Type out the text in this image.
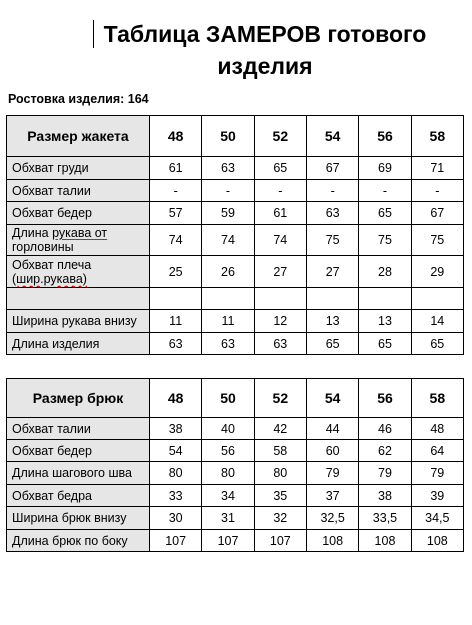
Таблица ЗАМЕРОВ готового
изделия
Ростовка изделия: 164
Размер жакета	48	50	52	54	56	58
Обхват груди	61	63	65	67	69	71
Обхват талии	-	-	-	-	-	-
Обхват бедер	57	59	61	63	65	67
Длина рукава от
горловины	74	74	74	75	75	75
Обхват плеча
(шир.рукава)	25	26	27	27	28	29

Ширина рукава внизу	11	11	12	13	13	14
Длина изделия	63	63	63	65	65	65
Размер брюк	48	50	52	54	56	58
Обхват талии	38	40	42	44	46	48
Обхват бедер	54	56	58	60	62	64
Длина шагового шва	80	80	80	79	79	79
Обхват бедра	33	34	35	37	38	39
Ширина брюк внизу	30	31	32	32,5	33,5	34,5
Длина брюк по боку	107	107	107	108	108	108
